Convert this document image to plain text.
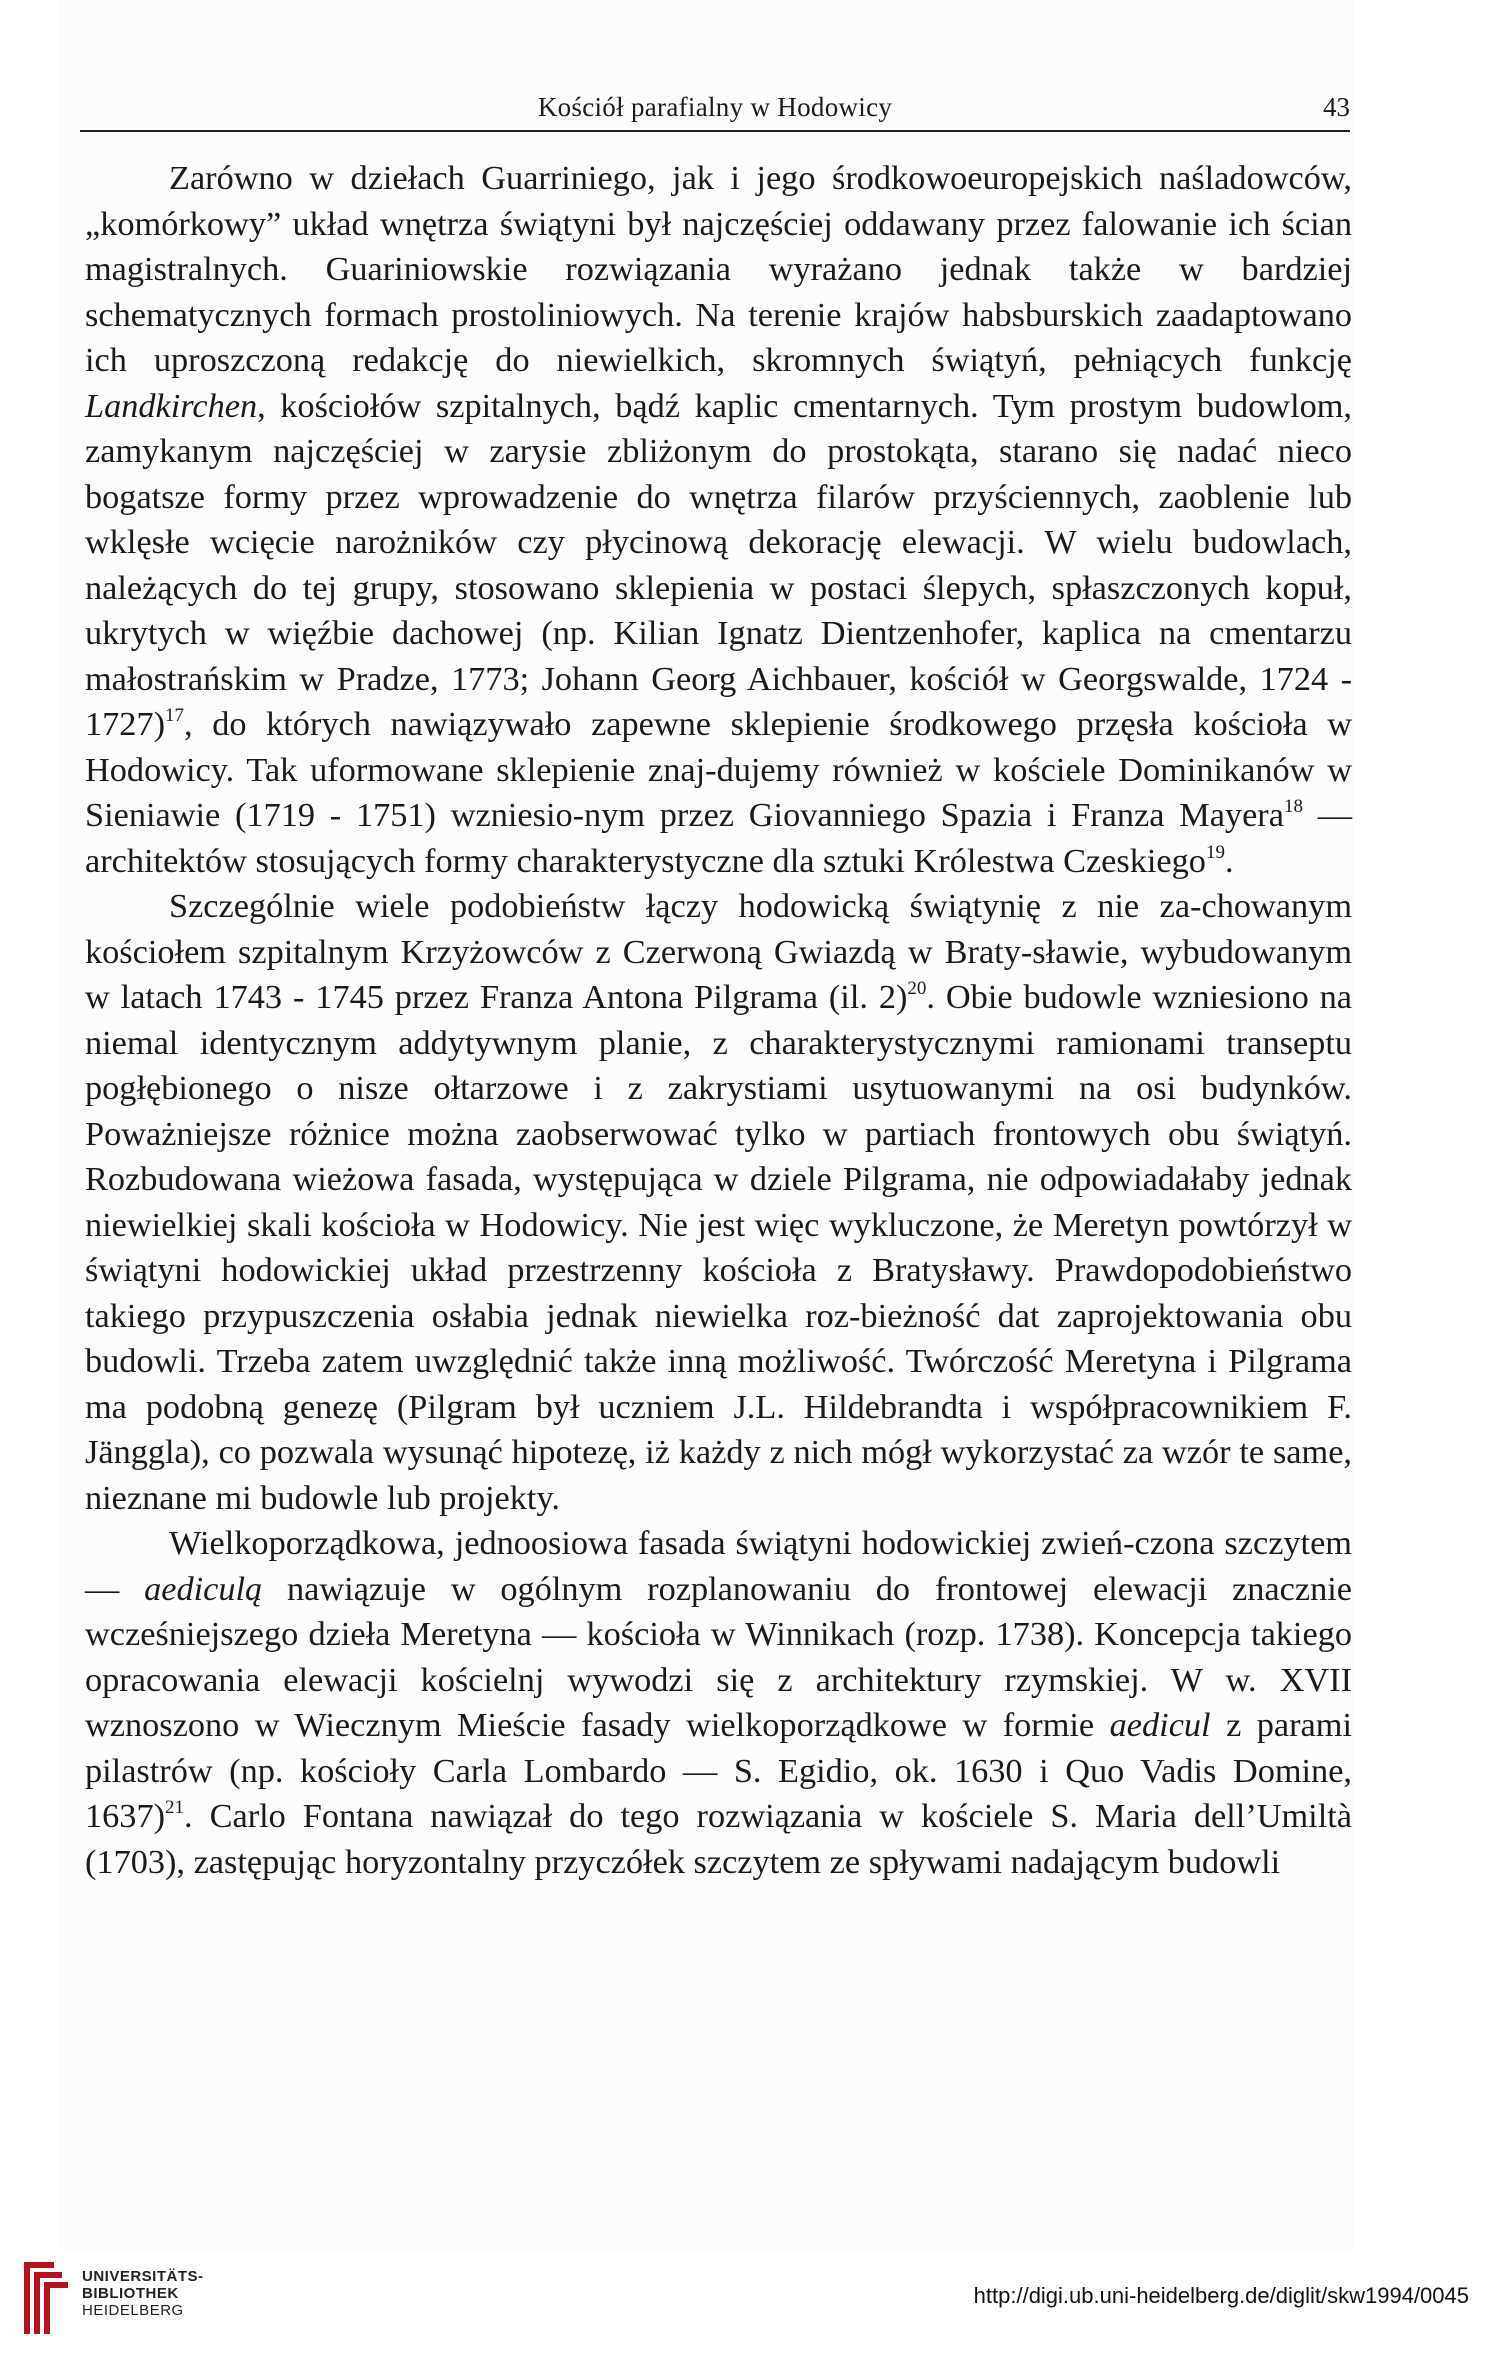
Kościół parafialny w Hodowicy	43

Zarówno w dziełach Guarriniego, jak i jego środkowoeuropejskich naśladowców, „komórkowy” układ wnętrza świątyni był najczęściej oddawany przez falowanie ich ścian magistralnych. Guariniowskie rozwiązania wyrażano jednak także w bardziej schematycznych formach prostoliniowych. Na terenie krajów habsburskich zaadaptowano ich uproszczoną redakcję do niewielkich, skromnych świątyń, pełniących funkcję Landkirchen, kościołów szpitalnych, bądź kaplic cmentarnych. Tym prostym budowlom, zamykanym najczęściej w zarysie zbliżonym do prostokąta, starano się nadać nieco bogatsze formy przez wprowadzenie do wnętrza filarów przyściennych, zaoblenie lub wklęsłe wcięcie narożników czy płycinową dekorację elewacji. W wielu budowlach, należących do tej grupy, stosowano sklepienia w postaci ślepych, spłaszczonych kopuł, ukrytych w więźbie dachowej (np. Kilian Ignatz Dientzenhofer, kaplica na cmentarzu małostrańskim w Pradze, 1773; Johann Georg Aichbauer, kościół w Georgswalde, 1724 - 1727)$^{17}$, do których nawiązywało zapewne sklepienie środkowego przęsła kościoła w Hodowicy. Tak uformowane sklepienie znaj-dujemy również w kościele Dominikanów w Sieniawie (1719 - 1751) wzniesio-nym przez Giovanniego Spazia i Franza Mayera$^{18}$ — architektów stosujących formy charakterystyczne dla sztuki Królestwa Czeskiego$^{19}$.

Szczególnie wiele podobieństw łączy hodowicką świątynię z nie za-chowanym kościołem szpitalnym Krzyżowców z Czerwoną Gwiazdą w Braty-sławie, wybudowanym w latach 1743 - 1745 przez Franza Antona Pilgrama (il. 2)$^{20}$. Obie budowle wzniesiono na niemal identycznym addytywnym planie, z charakterystycznymi ramionami transeptu pogłębionego o nisze ołtarzowe i z zakrystiami usytuowanymi na osi budynków. Poważniejsze różnice można zaobserwować tylko w partiach frontowych obu świątyń. Rozbudowana wieżowa fasada, występująca w dziele Pilgrama, nie odpowiadałaby jednak niewielkiej skali kościoła w Hodowicy. Nie jest więc wykluczone, że Meretyn powtórzył w świątyni hodowickiej układ przestrzenny kościoła z Bratysławy. Prawdopodobieństwo takiego przypuszczenia osłabia jednak niewielka roz-bieżność dat zaprojektowania obu budowli. Trzeba zatem uwzględnić także inną możliwość. Twórczość Meretyna i Pilgrama ma podobną genezę (Pilgram był uczniem J.L. Hildebrandta i współpracownikiem F. Jänggla), co pozwala wysunąć hipotezę, iż każdy z nich mógł wykorzystać za wzór te same, nieznane mi budowle lub projekty.

Wielkoporządkowa, jednoosiowa fasada świątyni hodowickiej zwień-czona szczytem — aediculą nawiązuje w ogólnym rozplanowaniu do frontowej elewacji znacznie wcześniejszego dzieła Meretyna — kościoła w Winnikach (rozp. 1738). Koncepcja takiego opracowania elewacji kościelnj wywodzi się z architektury rzymskiej. W w. XVII wznoszono w Wiecznym Mieście fasady wielkoporządkowe w formie aedicul z parami pilastrów (np. kościoły Carla Lombardo — S. Egidio, ok. 1630 i Quo Vadis Domine, 1637)$^{21}$. Carlo Fontana nawiązał do tego rozwiązania w kościele S. Maria dell’Umiltà (1703), zastępując horyzontalny przyczółek szczytem ze spływami nadającym budowli

UNIVERSITÄTS-
BIBLIOTHEK
HEIDELBERG
http://digi.ub.uni-heidelberg.de/diglit/skw1994/0045
